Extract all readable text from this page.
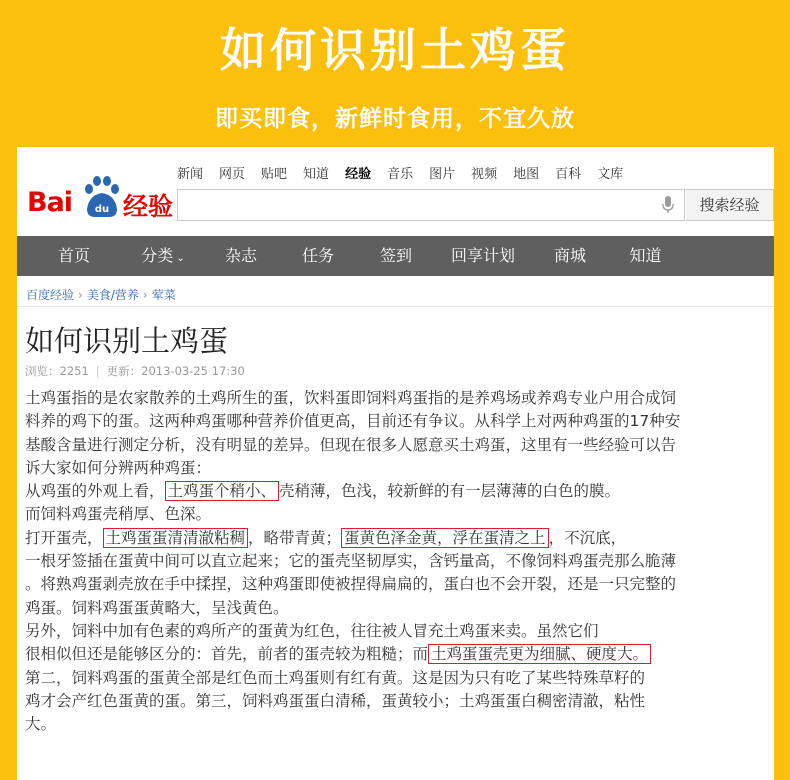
如何识别土鸡蛋
即买即食，新鲜时食用，不宜久放
Bai du 经验
新闻 网页 贴吧 知道 经验 音乐 图片 视频 地图 百科 文库
搜索经验
首页	分类 ⌄	杂志	任务	签到	回享计划	商城	知道
百度经验 › 美食/营养 › 荤菜
如何识别土鸡蛋
浏览：2251 | 更新：2013-03-25 17:30
土鸡蛋指的是农家散养的土鸡所生的蛋，饮料蛋即饲料鸡蛋指的是养鸡场或养鸡专业户用合成饲
料养的鸡下的蛋。这两种鸡蛋哪种营养价值更高，目前还有争议。从科学上对两种鸡蛋的17种安
基酸含量进行测定分析，没有明显的差异。但现在很多人愿意买土鸡蛋，这里有一些经验可以告
诉大家如何分辨两种鸡蛋：
从鸡蛋的外观上看， 土鸡蛋个稍小、 壳稍薄，色浅，较新鲜的有一层薄薄的白色的膜。
而饲料鸡蛋壳稍厚、色深。
打开蛋壳， 土鸡蛋蛋清清澈粘稠 ，略带青黄； 蛋黄色泽金黄，浮在蛋清之上 ，不沉底，
一根牙签插在蛋黄中间可以直立起来；它的蛋壳坚韧厚实，含钙量高，不像饲料鸡蛋壳那么脆薄
。将熟鸡蛋剥壳放在手中揉捏，这种鸡蛋即使被捏得扁扁的，蛋白也不会开裂，还是一只完整的
鸡蛋。饲料鸡蛋蛋黄略大，呈浅黄色。
另外，饲料中加有色素的鸡所产的蛋黄为红色，往往被人冒充土鸡蛋来卖。虽然它们
很相似但还是能够区分的：首先，前者的蛋壳较为粗糙；而 土鸡蛋蛋壳更为细腻、硬度大。
第二，饲料鸡蛋的蛋黄全部是红色而土鸡蛋则有红有黄。这是因为只有吃了某些特殊草籽的
鸡才会产红色蛋黄的蛋。第三，饲料鸡蛋蛋白清稀，蛋黄较小；土鸡蛋蛋白稠密清澈，粘性
大。
